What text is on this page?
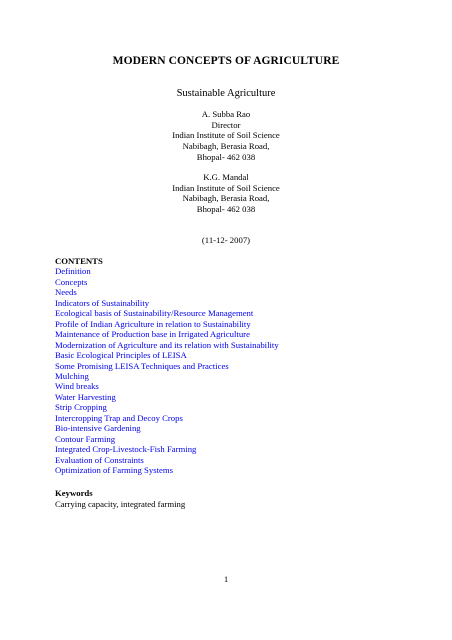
MODERN CONCEPTS OF AGRICULTURE
Sustainable Agriculture
A. Subba Rao
Director
Indian Institute of Soil Science
Nabibagh, Berasia Road,
Bhopal- 462 038
K.G. Mandal
Indian Institute of Soil Science
Nabibagh, Berasia Road,
Bhopal- 462 038
(11-12- 2007)
CONTENTS
Definition
Concepts
Needs
Indicators of Sustainability
Ecological basis of Sustainability/Resource Management
Profile of Indian Agriculture in relation to Sustainability
Maintenance of Production base in Irrigated Agriculture
Modernization of Agriculture and its relation with Sustainability
Basic Ecological Principles of LEISA
Some Promising LEISA Techniques and Practices
Mulching
Wind breaks
Water Harvesting
Strip Cropping
Intercropping Trap and Decoy Crops
Bio-intensive Gardening
Contour Farming
Integrated Crop-Livestock-Fish Farming
Evaluation of Constraints
Optimization of Farming Systems
Keywords
Carrying capacity, integrated farming
1
